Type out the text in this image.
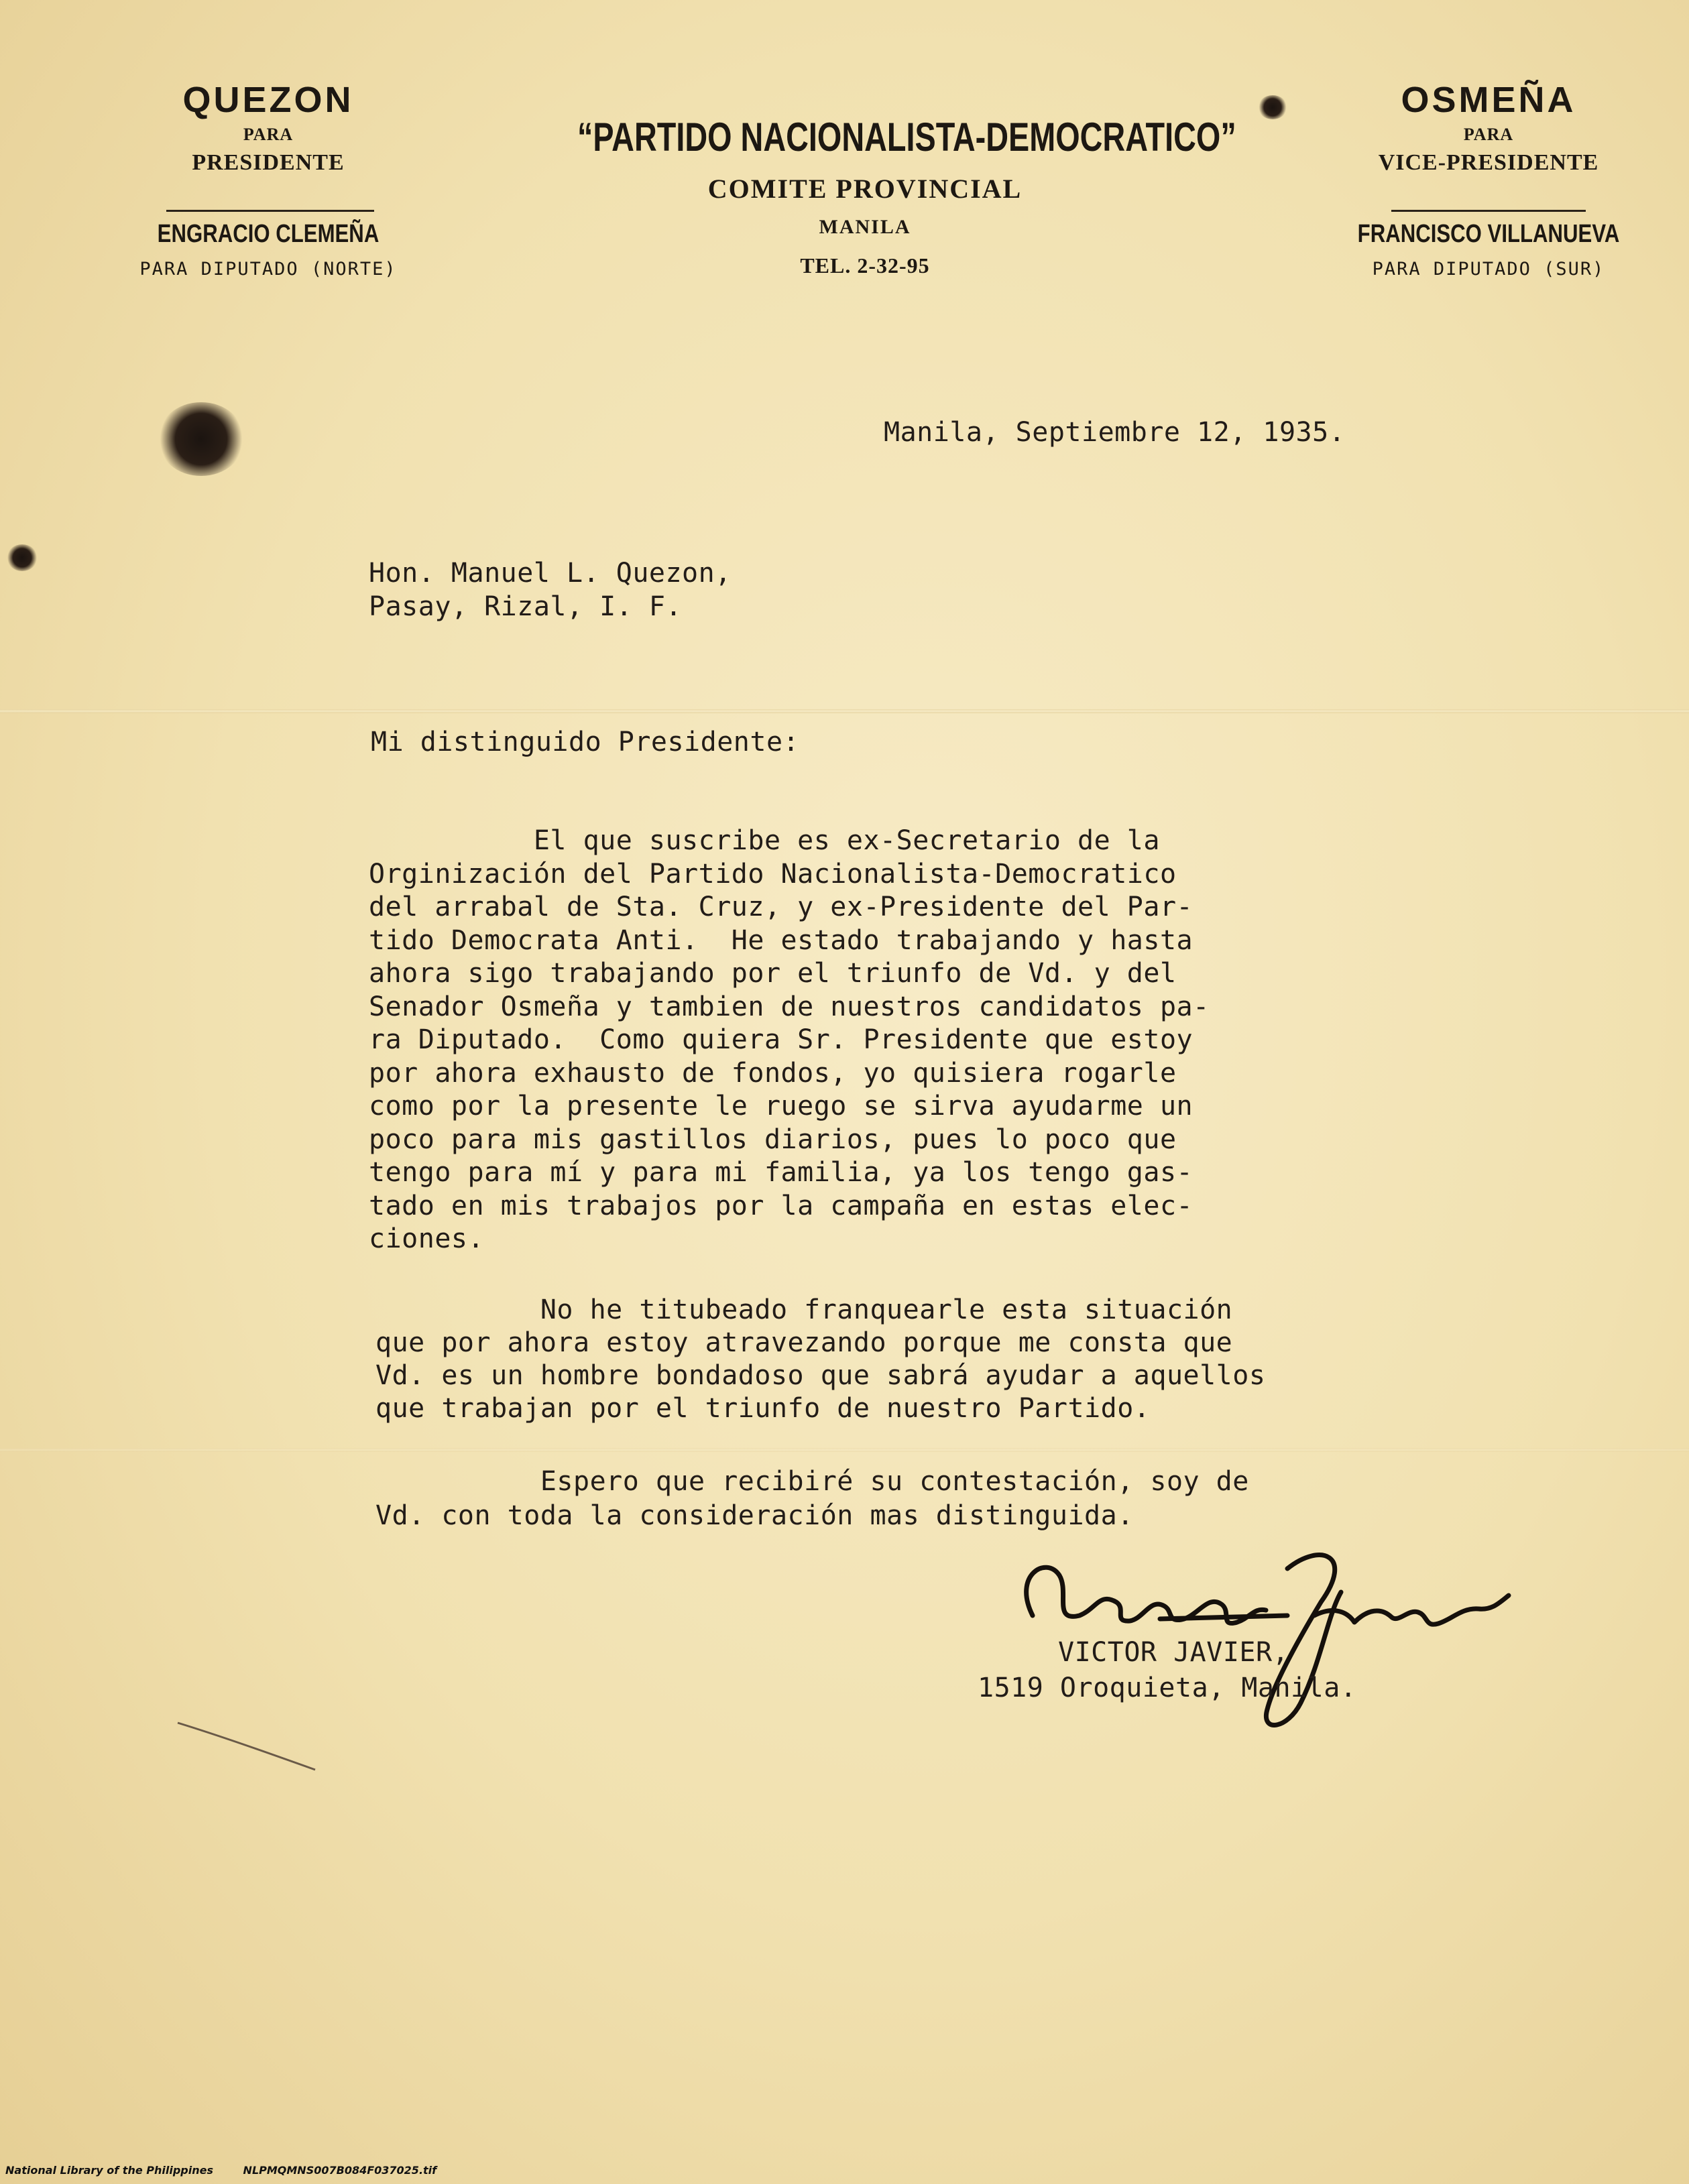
QUEZON
PARA
PRESIDENTE
ENGRACIO CLEMEÑA
PARA DIPUTADO (NORTE)
“PARTIDO NACIONALISTA-DEMOCRATICO”
COMITE PROVINCIAL
MANILA
TEL. 2-32-95
OSMEÑA
PARA
VICE-PRESIDENTE
FRANCISCO VILLANUEVA
PARA DIPUTADO (SUR)
Manila, Septiembre 12, 1935.
Hon. Manuel L. Quezon,
Pasay, Rizal, I. F.
Mi distinguido Presidente:
El que suscribe es ex-Secretario de la
Orginización del Partido Nacionalista-Democratico
del arrabal de Sta. Cruz, y ex-Presidente del Par-
tido Democrata Anti.  He estado trabajando y hasta
ahora sigo trabajando por el triunfo de Vd. y del
Senador Osmeña y tambien de nuestros candidatos pa-
ra Diputado.  Como quiera Sr. Presidente que estoy
por ahora exhausto de fondos, yo quisiera rogarle
como por la presente le ruego se sirva ayudarme un
poco para mis gastillos diarios, pues lo poco que
tengo para mí y para mi familia, ya los tengo gas-
tado en mis trabajos por la campaña en estas elec-
ciones.
No he titubeado franquearle esta situación
que por ahora estoy atravezando porque me consta que
Vd. es un hombre bondadoso que sabrá ayudar a aquellos
que trabajan por el triunfo de nuestro Partido.
Espero que recibiré su contestación, soy de
Vd. con toda la consideración mas distinguida.
VICTOR JAVIER,
1519 Oroquieta, Manila.
National Library of the Philippines	NLPMQMNS007B084F037025.tif
